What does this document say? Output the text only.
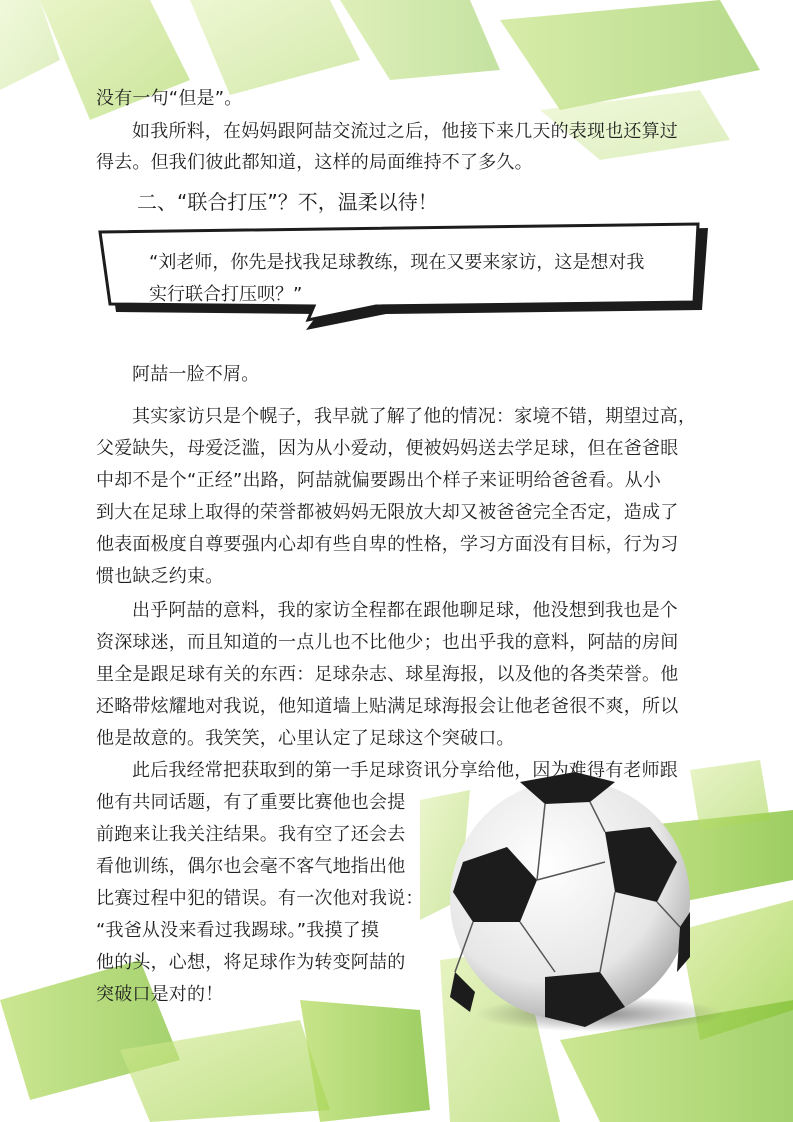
没有一句“但是”。
如我所料，在妈妈跟阿喆交流过之后，他接下来几天的表现也还算过
得去。但我们彼此都知道，这样的局面维持不了多久。
二、“联合打压”？不，温柔以待！
“刘老师，你先是找我足球教练，现在又要来家访，这是想对我
实行联合打压呗？”
阿喆一脸不屑。
其实家访只是个幌子，我早就了解了他的情况：家境不错，期望过高，
父爱缺失，母爱泛滥，因为从小爱动，便被妈妈送去学足球，但在爸爸眼
中却不是个“正经”出路，阿喆就偏要踢出个样子来证明给爸爸看。从小
到大在足球上取得的荣誉都被妈妈无限放大却又被爸爸完全否定，造成了
他表面极度自尊要强内心却有些自卑的性格，学习方面没有目标，行为习
惯也缺乏约束。
出乎阿喆的意料，我的家访全程都在跟他聊足球，他没想到我也是个
资深球迷，而且知道的一点儿也不比他少；也出乎我的意料，阿喆的房间
里全是跟足球有关的东西：足球杂志、球星海报，以及他的各类荣誉。他
还略带炫耀地对我说，他知道墙上贴满足球海报会让他老爸很不爽，所以
他是故意的。我笑笑，心里认定了足球这个突破口。
此后我经常把获取到的第一手足球资讯分享给他，因为难得有老师跟
他有共同话题，有了重要比赛他也会提
前跑来让我关注结果。我有空了还会去
看他训练，偶尔也会毫不客气地指出他
比赛过程中犯的错误。有一次他对我说：
“我爸从没来看过我踢球。”我摸了摸
他的头，心想，将足球作为转变阿喆的
突破口是对的！
